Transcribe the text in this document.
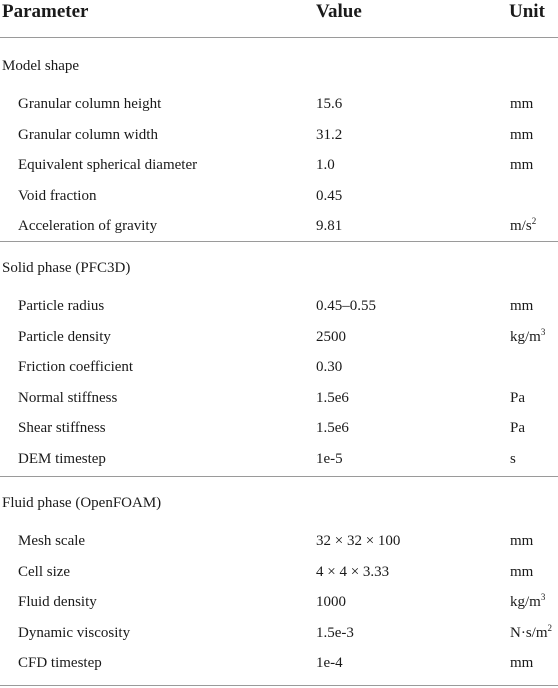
Parameter	Value	Unit
Model shape
Granular column height	15.6	mm
Granular column width	31.2	mm
Equivalent spherical diameter	1.0	mm
Void fraction	0.45
Acceleration of gravity	9.81	$m/s^2$
Solid phase (PFC3D)
Particle radius	0.45–0.55	mm
Particle density	2500	$kg/m^3$
Friction coefficient	0.30
Normal stiffness	1.5e6	Pa
Shear stiffness	1.5e6	Pa
DEM timestep	1e-5	s
Fluid phase (OpenFOAM)
Mesh scale	32 × 32 × 100	mm
Cell size	4 × 4 × 3.33	mm
Fluid density	1000	$kg/m^3$
Dynamic viscosity	1.5e-3	$N\cdot s/m^2$
CFD timestep	1e-4	mm
